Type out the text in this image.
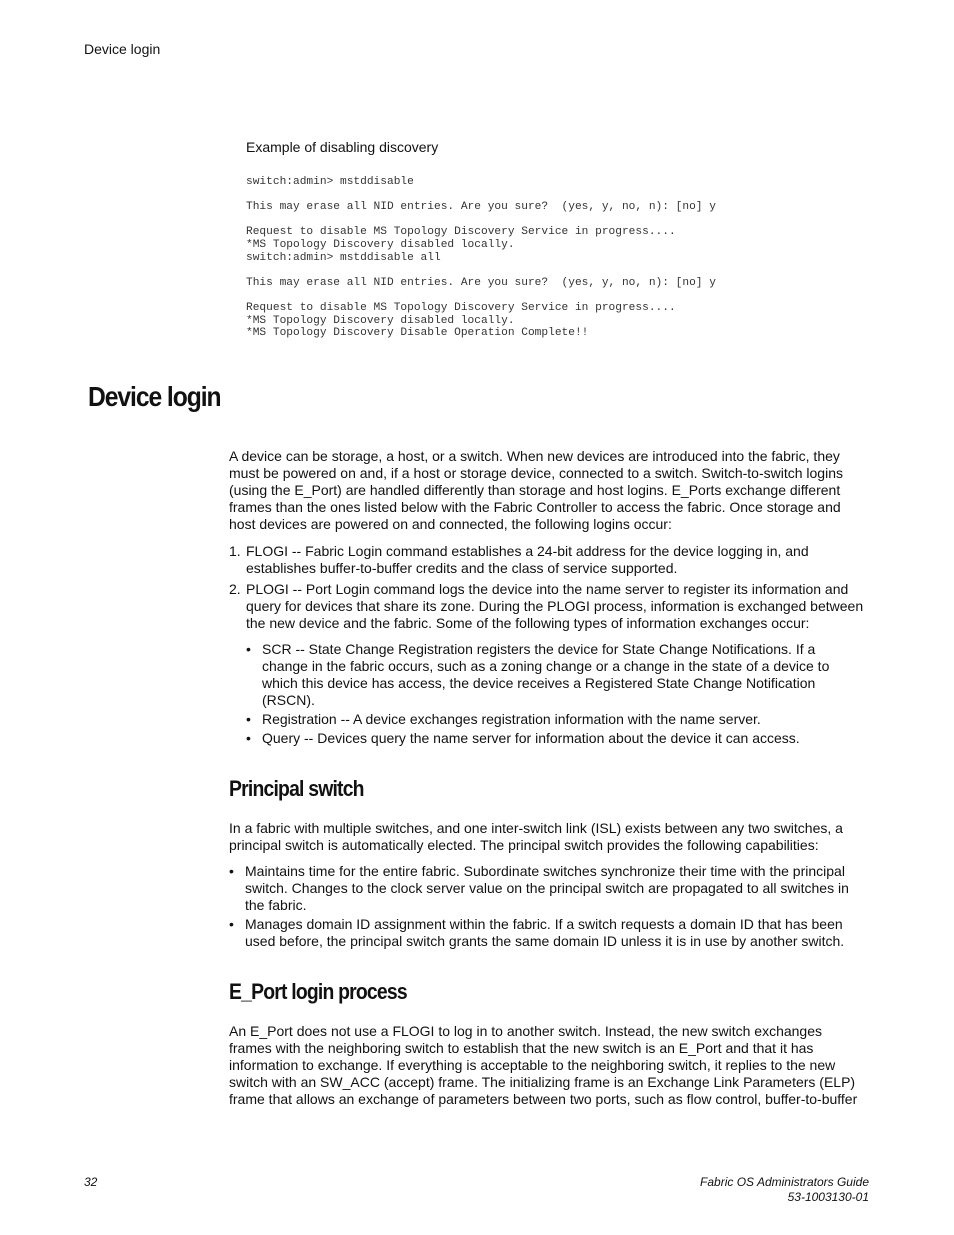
Device login
Example of disabling discovery
switch:admin> mstddisable
This may erase all NID entries. Are you sure?  (yes, y, no, n): [no] y
Request to disable MS Topology Discovery Service in progress....
*MS Topology Discovery disabled locally.
switch:admin> mstddisable all
This may erase all NID entries. Are you sure?  (yes, y, no, n): [no] y
Request to disable MS Topology Discovery Service in progress....
*MS Topology Discovery disabled locally.
*MS Topology Discovery Disable Operation Complete!!
Device login
A device can be storage, a host, or a switch. When new devices are introduced into the fabric, they must be powered on and, if a host or storage device, connected to a switch. Switch-to-switch logins (using the E_Port) are handled differently than storage and host logins. E_Ports exchange different frames than the ones listed below with the Fabric Controller to access the fabric. Once storage and host devices are powered on and connected, the following logins occur:
1. FLOGI -- Fabric Login command establishes a 24-bit address for the device logging in, and establishes buffer-to-buffer credits and the class of service supported.
2. PLOGI -- Port Login command logs the device into the name server to register its information and query for devices that share its zone. During the PLOGI process, information is exchanged between the new device and the fabric. Some of the following types of information exchanges occur:
• SCR -- State Change Registration registers the device for State Change Notifications. If a change in the fabric occurs, such as a zoning change or a change in the state of a device to which this device has access, the device receives a Registered State Change Notification (RSCN).
• Registration -- A device exchanges registration information with the name server.
• Query -- Devices query the name server for information about the device it can access.
Principal switch
In a fabric with multiple switches, and one inter-switch link (ISL) exists between any two switches, a principal switch is automatically elected. The principal switch provides the following capabilities:
• Maintains time for the entire fabric. Subordinate switches synchronize their time with the principal switch. Changes to the clock server value on the principal switch are propagated to all switches in the fabric.
• Manages domain ID assignment within the fabric. If a switch requests a domain ID that has been used before, the principal switch grants the same domain ID unless it is in use by another switch.
E_Port login process
An E_Port does not use a FLOGI to log in to another switch. Instead, the new switch exchanges frames with the neighboring switch to establish that the new switch is an E_Port and that it has information to exchange. If everything is acceptable to the neighboring switch, it replies to the new switch with an SW_ACC (accept) frame. The initializing frame is an Exchange Link Parameters (ELP) frame that allows an exchange of parameters between two ports, such as flow control, buffer-to-buffer
32	Fabric OS Administrators Guide
53-1003130-01
